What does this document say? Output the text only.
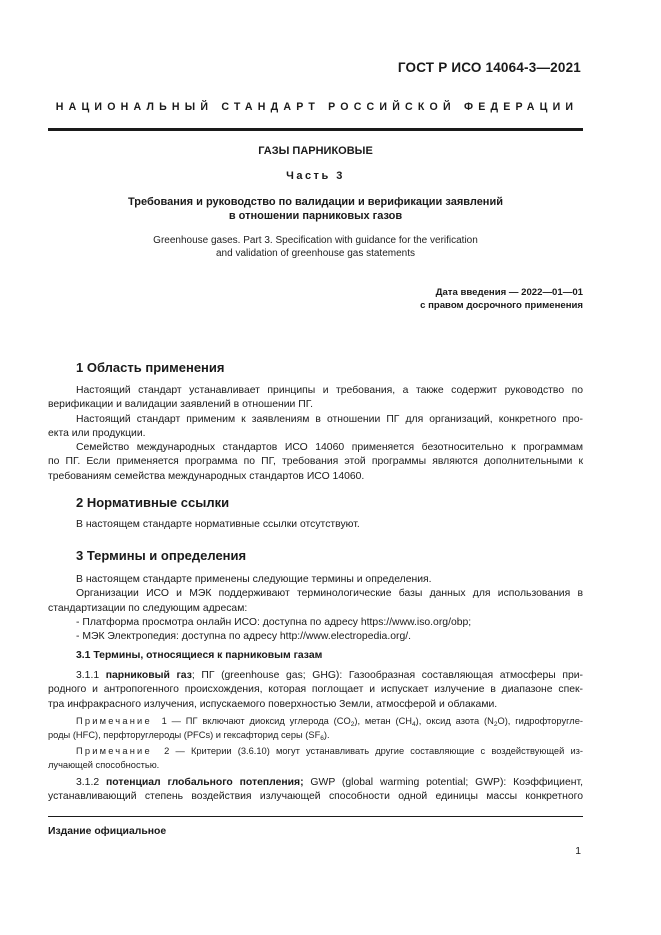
ГОСТ Р ИСО 14064-3—2021
НАЦИОНАЛЬНЫЙ СТАНДАРТ РОССИЙСКОЙ ФЕДЕРАЦИИ
ГАЗЫ ПАРНИКОВЫЕ
Часть 3
Требования и руководство по валидации и верификации заявлений
в отношении парниковых газов
Greenhouse gases. Part 3. Specification with guidance for the verification
and validation of greenhouse gas statements
Дата введения — 2022—01—01
с правом досрочного применения
1 Область применения
Настоящий стандарт устанавливает принципы и требования, а также содержит руководство по
верификации и валидации заявлений в отношении ПГ.
Настоящий стандарт применим к заявлениям в отношении ПГ для организаций, конкретного про-
екта или продукции.
Семейство международных стандартов ИСО 14060 применяется безотносительно к программам
по ПГ. Если применяется программа по ПГ, требования этой программы являются дополнительными к
требованиям семейства международных стандартов ИСО 14060.
2 Нормативные ссылки
В настоящем стандарте нормативные ссылки отсутствуют.
3 Термины и определения
В настоящем стандарте применены следующие термины и определения.
Организации ИСО и МЭК поддерживают терминологические базы данных для использования в
стандартизации по следующим адресам:
- Платформа просмотра онлайн ИСО: доступна по адресу https://www.iso.org/obp;
- МЭК Электропедия: доступна по адресу http://www.electropedia.org/.
3.1 Термины, относящиеся к парниковым газам
3.1.1 парниковый газ; ПГ (greenhouse gas; GHG): Газообразная составляющая атмосферы при-
родного и антропогенного происхождения, которая поглощает и испускает излучение в диапазоне спек-
тра инфракрасного излучения, испускаемого поверхностью Земли, атмосферой и облаками.
Примечание 1 — ПГ включают диоксид углерода $(CO_2)$, метан $(CH_4)$, оксид азота $(N_2O)$, гидрофторугле-
роды (HFC), перфторуглероды (PFCs) и гексафторид серы $(SF_6)$.
Примечание 2 — Критерии (3.6.10) могут устанавливать другие составляющие с воздействующей из-
лучающей способностью.
3.1.2 потенциал глобального потепления; GWP (global warming potential; GWP): Коэффициент,
устанавливающий степень воздействия излучающей способности одной единицы массы конкретного
Издание официальное
1
